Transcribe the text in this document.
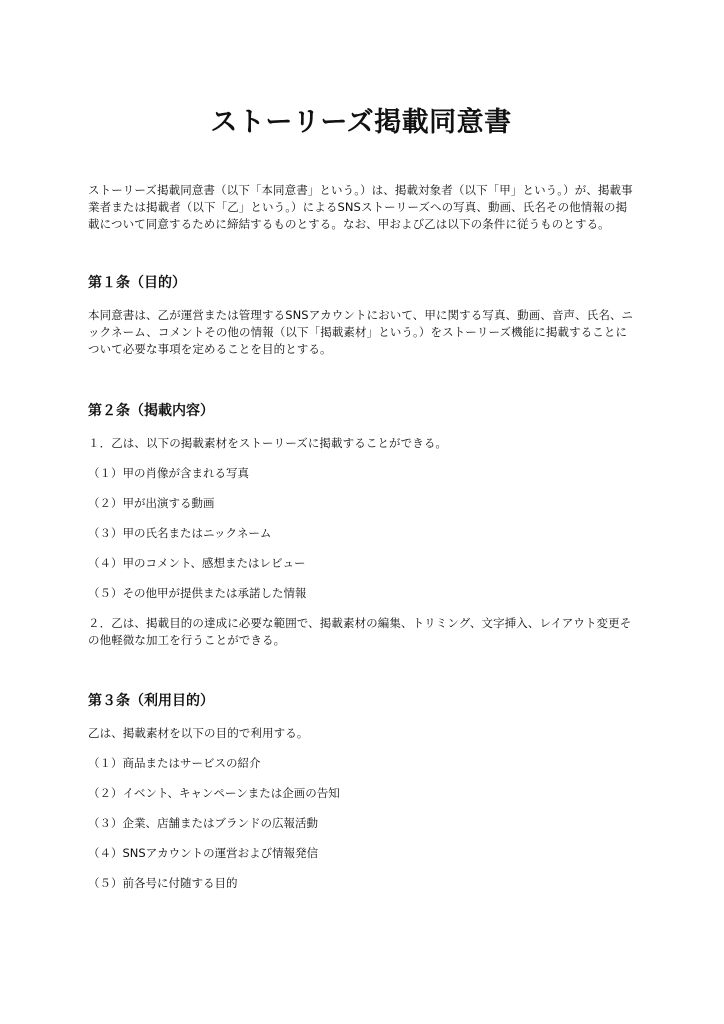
ストーリーズ掲載同意書

ストーリーズ掲載同意書（以下「本同意書」という。）は、掲載対象者（以下「甲」という。）が、掲載事業者または掲載者（以下「乙」という。）によるSNSストーリーズへの写真、動画、氏名その他情報の掲載について同意するために締結するものとする。なお、甲および乙は以下の条件に従うものとする。

第１条（目的）

本同意書は、乙が運営または管理するSNSアカウントにおいて、甲に関する写真、動画、音声、氏名、ニックネーム、コメントその他の情報（以下「掲載素材」という。）をストーリーズ機能に掲載することについて必要な事項を定めることを目的とする。

第２条（掲載内容）

１．乙は、以下の掲載素材をストーリーズに掲載することができる。

（１）甲の肖像が含まれる写真

（２）甲が出演する動画

（３）甲の氏名またはニックネーム

（４）甲のコメント、感想またはレビュー

（５）その他甲が提供または承諾した情報

２．乙は、掲載目的の達成に必要な範囲で、掲載素材の編集、トリミング、文字挿入、レイアウト変更その他軽微な加工を行うことができる。

第３条（利用目的）

乙は、掲載素材を以下の目的で利用する。

（１）商品またはサービスの紹介

（２）イベント、キャンペーンまたは企画の告知

（３）企業、店舗またはブランドの広報活動

（４）SNSアカウントの運営および情報発信

（５）前各号に付随する目的
